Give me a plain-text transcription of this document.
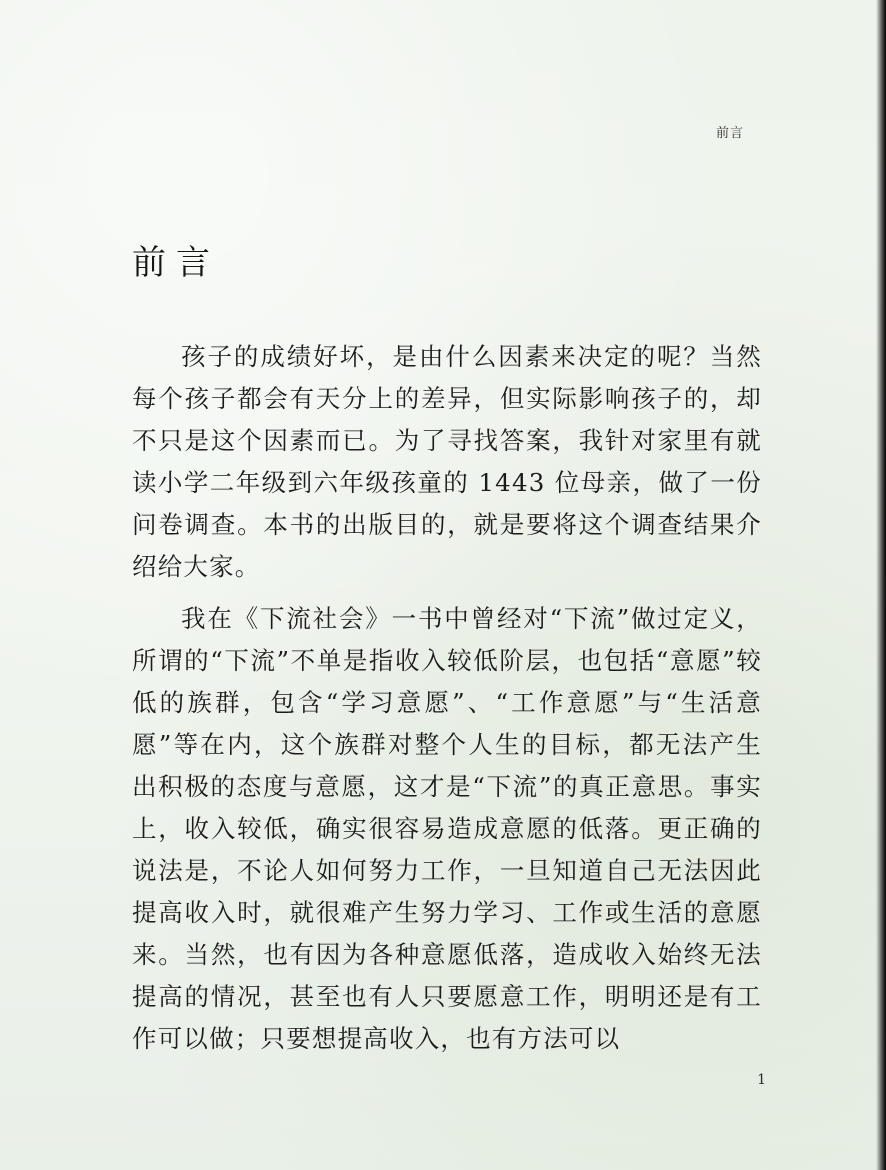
前言
前言

孩子的成绩好坏，是由什么因素来决定的呢？当然每个孩子都会有天分上的差异，但实际影响孩子的，却不只是这个因素而已。为了寻找答案，我针对家里有就读小学二年级到六年级孩童的 1443 位母亲，做了一份问卷调查。本书的出版目的，就是要将这个调查结果介绍给大家。

我在《下流社会》一书中曾经对“下流”做过定义，所谓的“下流”不单是指收入较低阶层，也包括“意愿”较低的族群，包含“学习意愿”、“工作意愿”与“生活意愿”等在内，这个族群对整个人生的目标，都无法产生出积极的态度与意愿，这才是“下流”的真正意思。事实上，收入较低，确实很容易造成意愿的低落。更正确的说法是，不论人如何努力工作，一旦知道自己无法因此提高收入时，就很难产生努力学习、工作或生活的意愿来。当然，也有因为各种意愿低落，造成收入始终无法提高的情况，甚至也有人只要愿意工作，明明还是有工作可以做；只要想提高收入，也有方法可以

1
